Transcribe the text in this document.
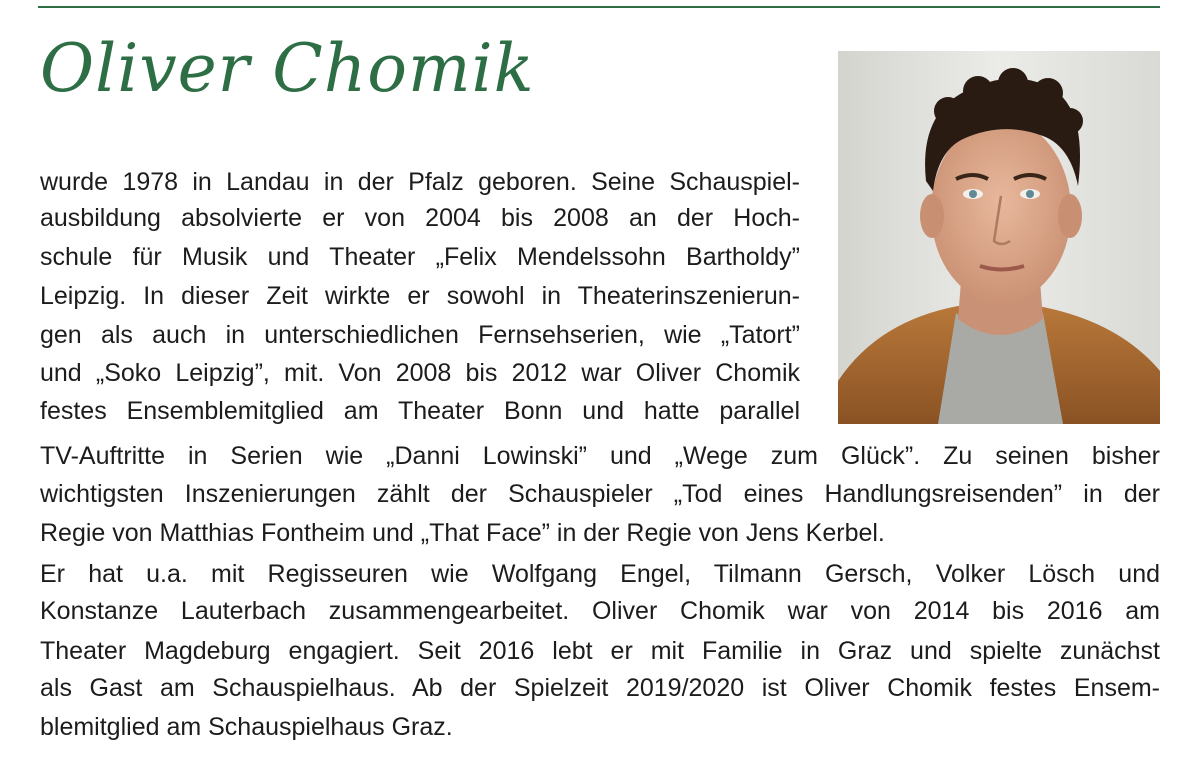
Oliver Chomik
wurde 1978 in Landau in der Pfalz geboren. Seine Schauspiel-
ausbildung absolvierte er von 2004 bis 2008 an der Hoch-
schule für Musik und Theater „Felix Mendelssohn Bartholdy”
Leipzig. In dieser Zeit wirkte er sowohl in Theaterinszenierun-
gen als auch in unterschiedlichen Fernsehserien, wie „Tatort”
und „Soko Leipzig”, mit. Von 2008 bis 2012 war Oliver Chomik
festes Ensemblemitglied am Theater Bonn und hatte parallel
TV-Auftritte in Serien wie „Danni Lowinski” und „Wege zum Glück”. Zu seinen bisher
wichtigsten Inszenierungen zählt der Schauspieler „Tod eines Handlungsreisenden” in der
Regie von Matthias Fontheim und „That Face” in der Regie von Jens Kerbel.
Er hat u.a. mit Regisseuren wie Wolfgang Engel, Tilmann Gersch, Volker Lösch und
Konstanze Lauterbach zusammengearbeitet. Oliver Chomik war von 2014 bis 2016 am
Theater Magdeburg engagiert. Seit 2016 lebt er mit Familie in Graz und spielte zunächst
als Gast am Schauspielhaus. Ab der Spielzeit 2019/2020 ist Oliver Chomik festes Ensem-
blemitglied am Schauspielhaus Graz.
